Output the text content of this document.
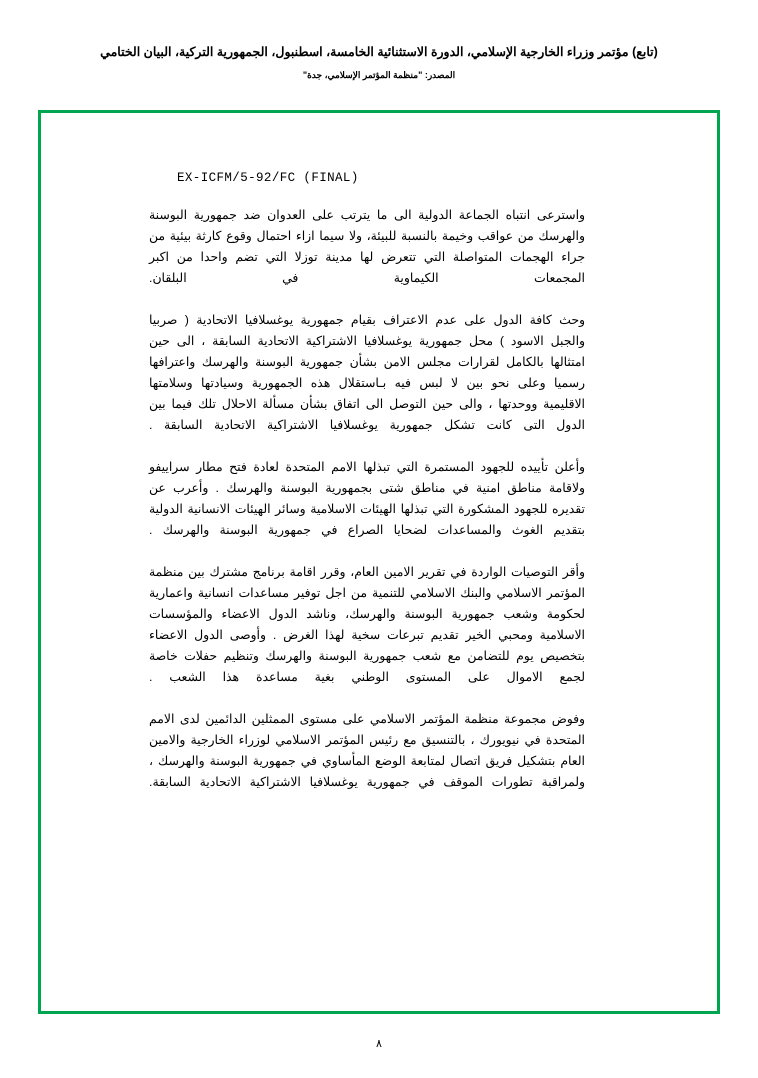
(تابع) مؤتمر وزراء الخارجية الإسلامي، الدورة الاستثنائية الخامسة، اسطنبول، الجمهورية التركية، البيان الختامي
المصدر: "منظمة المؤتمر الإسلامي، جدة"
EX-ICFM/5-92/FC (FINAL)

واسترعى انتباه الجماعة الدولية الى ما يترتب على العدوان ضد جمهورية البوسنة والهرسك من عواقب وخيمة بالنسبة للبيئة، ولا سيما ازاء احتمال وقوع كارثة بيئية من جراء الهجمات المتواصلة التي تتعرض لها مدينة توزلا التي تضم واحدا من اكبر المجمعات الكيماوية في البلقان.

وحث كافة الدول على عدم الاعتراف بقيام جمهورية يوغسلافيا الاتحادية ( صربيا والجبل الاسود ) محل جمهورية يوغسلافيا الاشتراكية الاتحادية السابقة ، الى حين امتثالها بالكامل لقرارات مجلس الامن بشأن جمهورية البوسنة والهرسك واعترافها رسميا وعلى نحو بين لا لبس فيه بـاستقلال هذه الجمهورية وسيادتها وسلامتها الاقليمية ووحدتها ، والى حين التوصل الى اتفاق بشأن مسألة الاحلال تلك فيما بين الدول التى كانت تشكل جمهورية يوغسلافيا الاشتراكية الاتحادية السابقة .

وأعلن تأييده للجهود المستمرة التي تبذلها الامم المتحدة لعادة فتح مطار سراييفو ولاقامة مناطق امنية في مناطق شتى بجمهورية البوسنة والهرسك . وأعرب عن تقديره للجهود المشكورة التي تبذلها الهيئات الاسلامية وسائر الهيئات الانسانية الدولية بتقديم الغوث والمساعدات لضحايا الصراع في جمهورية البوسنة والهرسك .

وأقر التوصيات الواردة في تقرير الامين العام، وقرر اقامة برنامج مشترك بين منظمة المؤتمر الاسلامي والبنك الاسلامي للتنمية من اجل توفير مساعدات انسانية واعمارية لحكومة وشعب جمهورية البوسنة والهرسك، وناشد الدول الاعضاء والمؤسسات الاسلامية ومحبي الخير تقديم تبرعات سخية لهذا الغرض . وأوصى الدول الاعضاء بتخصيص يوم للتضامن مع شعب جمهورية البوسنة والهرسك وتنظيم حفلات خاصة لجمع الاموال على المستوى الوطني بغية مساعدة هذا الشعب .

وفوض مجموعة منظمة المؤتمر الاسلامي على مستوى الممثلين الدائمين لدى الامم المتحدة في نيويورك ، بالتنسيق مع رئيس المؤتمر الاسلامي لوزراء الخارجية والامين العام بتشكيل فريق اتصال لمتابعة الوضع المأساوي في جمهورية البوسنة والهرسك ، ولمراقبة تطورات الموقف في جمهورية يوغسلافيا الاشتراكية الاتحادية السابقة.

٨
